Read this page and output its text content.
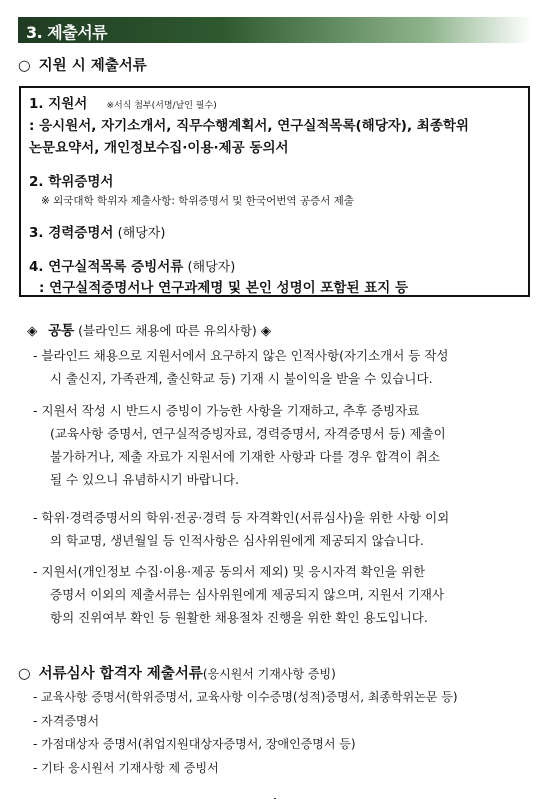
3. 제출서류
○ 지원 시 제출서류
1. 지원서 ※서식 첨부(서명/날인 필수)
: 응시원서, 자기소개서, 직무수행계획서, 연구실적목록(해당자), 최종학위
논문요약서, 개인정보수집·이용·제공 동의서
2. 학위증명서
※ 외국대학 학위자 제출사항: 학위증명서 및 한국어번역 공증서 제출
3. 경력증명서 (해당자)
4. 연구실적목록 증빙서류 (해당자)
: 연구실적증명서나 연구과제명 및 본인 성명이 포함된 표지 등
◈ 공통 (블라인드 채용에 따른 유의사항) ◈
- 블라인드 채용으로 지원서에서 요구하지 않은 인적사항(자기소개서 등 작성
시 출신지, 가족관계, 출신학교 등) 기재 시 불이익을 받을 수 있습니다.
- 지원서 작성 시 반드시 증빙이 가능한 사항을 기재하고, 추후 증빙자료
(교육사항 증명서, 연구실적증빙자료, 경력증명서, 자격증명서 등) 제출이
불가하거나, 제출 자료가 지원서에 기재한 사항과 다를 경우 합격이 취소
될 수 있으니 유념하시기 바랍니다.
- 학위·경력증명서의 학위·전공·경력 등 자격확인(서류심사)을 위한 사항 이외
의 학교명, 생년월일 등 인적사항은 심사위원에게 제공되지 않습니다.
- 지원서(개인정보 수집·이용·제공 동의서 제외) 및 응시자격 확인을 위한
증명서 이외의 제출서류는 심사위원에게 제공되지 않으며, 지원서 기재사
항의 진위여부 확인 등 원활한 채용절차 진행을 위한 확인 용도입니다.
○ 서류심사 합격자 제출서류(응시원서 기재사항 증빙)
- 교육사항 증명서(학위증명서, 교육사항 이수증명(성적)증명서, 최종학위논문 등)
- 자격증명서
- 가점대상자 증명서(취업지원대상자증명서, 장애인증명서 등)
- 기타 응시원서 기재사항 제 증빙서
